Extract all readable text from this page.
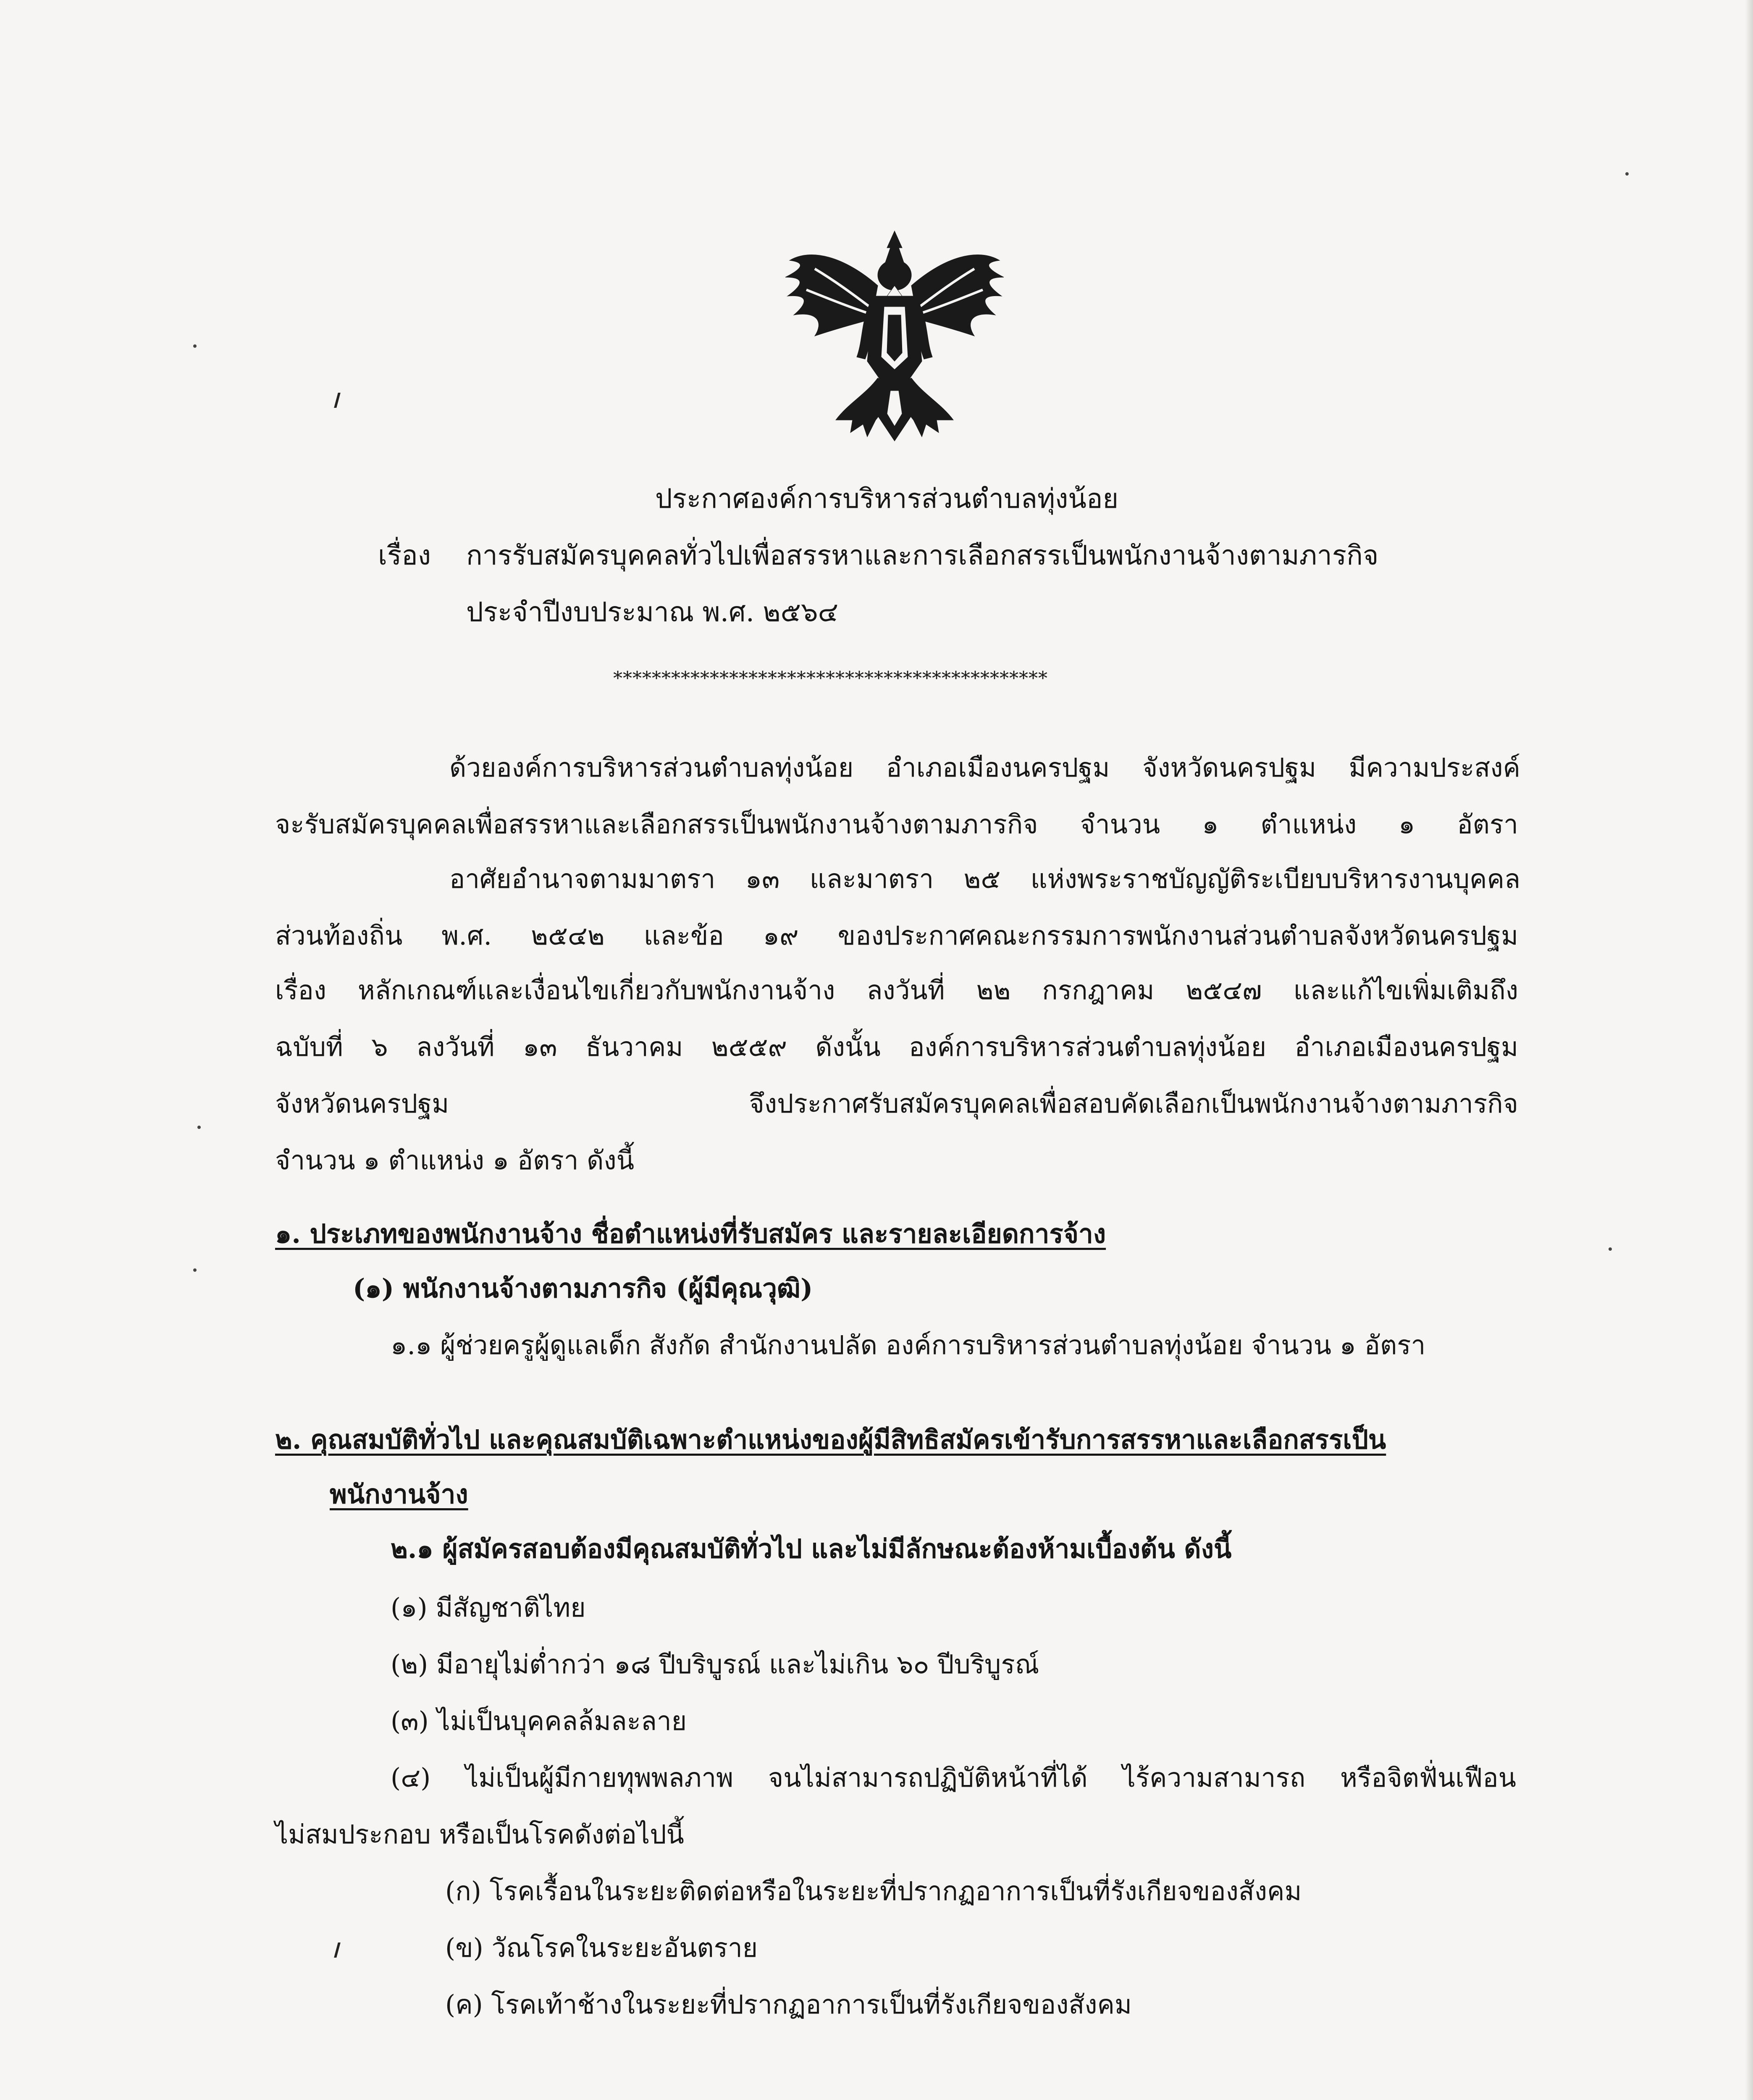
ประกาศองค์การบริหารส่วนตำบลทุ่งน้อย
เรื่อง การรับสมัครบุคคลทั่วไปเพื่อสรรหาและการเลือกสรรเป็นพนักงานจ้างตามภารกิจ
ประจำปีงบประมาณ พ.ศ. ๒๕๖๔
*********************************************
ด้วยองค์การบริหารส่วนตำบลทุ่งน้อย อำเภอเมืองนครปฐม จังหวัดนครปฐม มีความประสงค์
จะรับสมัครบุคคลเพื่อสรรหาและเลือกสรรเป็นพนักงานจ้างตามภารกิจ จำนวน ๑ ตำแหน่ง ๑ อัตรา
อาศัยอำนาจตามมาตรา ๑๓ และมาตรา ๒๕ แห่งพระราชบัญญัติระเบียบบริหารงานบุคคล
ส่วนท้องถิ่น พ.ศ. ๒๕๔๒ และข้อ ๑๙ ของประกาศคณะกรรมการพนักงานส่วนตำบลจังหวัดนครปฐม
เรื่อง หลักเกณฑ์และเงื่อนไขเกี่ยวกับพนักงานจ้าง ลงวันที่ ๒๒ กรกฎาคม ๒๕๔๗ และแก้ไขเพิ่มเติมถึง
ฉบับที่ ๖ ลงวันที่ ๑๓ ธันวาคม ๒๕๕๙ ดังนั้น องค์การบริหารส่วนตำบลทุ่งน้อย อำเภอเมืองนครปฐม
จังหวัดนครปฐม จึงประกาศรับสมัครบุคคลเพื่อสอบคัดเลือกเป็นพนักงานจ้างตามภารกิจ
จำนวน ๑ ตำแหน่ง ๑ อัตรา ดังนี้
๑. ประเภทของพนักงานจ้าง ชื่อตำแหน่งที่รับสมัคร และรายละเอียดการจ้าง
(๑) พนักงานจ้างตามภารกิจ (ผู้มีคุณวุฒิ)
๑.๑ ผู้ช่วยครูผู้ดูแลเด็ก สังกัด สำนักงานปลัด องค์การบริหารส่วนตำบลทุ่งน้อย จำนวน ๑ อัตรา
๒. คุณสมบัติทั่วไป และคุณสมบัติเฉพาะตำแหน่งของผู้มีสิทธิสมัครเข้ารับการสรรหาและเลือกสรรเป็น
พนักงานจ้าง
๒.๑ ผู้สมัครสอบต้องมีคุณสมบัติทั่วไป และไม่มีลักษณะต้องห้ามเบื้องต้น ดังนี้
(๑) มีสัญชาติไทย
(๒) มีอายุไม่ต่ำกว่า ๑๘ ปีบริบูรณ์ และไม่เกิน ๖๐ ปีบริบูรณ์
(๓) ไม่เป็นบุคคลล้มละลาย
(๔) ไม่เป็นผู้มีกายทุพพลภาพ จนไม่สามารถปฏิบัติหน้าที่ได้ ไร้ความสามารถ หรือจิตฟั่นเฟือน
ไม่สมประกอบ หรือเป็นโรคดังต่อไปนี้
(ก) โรคเรื้อนในระยะติดต่อหรือในระยะที่ปรากฏอาการเป็นที่รังเกียจของสังคม
(ข) วัณโรคในระยะอันตราย
(ค) โรคเท้าช้างในระยะที่ปรากฏอาการเป็นที่รังเกียจของสังคม
